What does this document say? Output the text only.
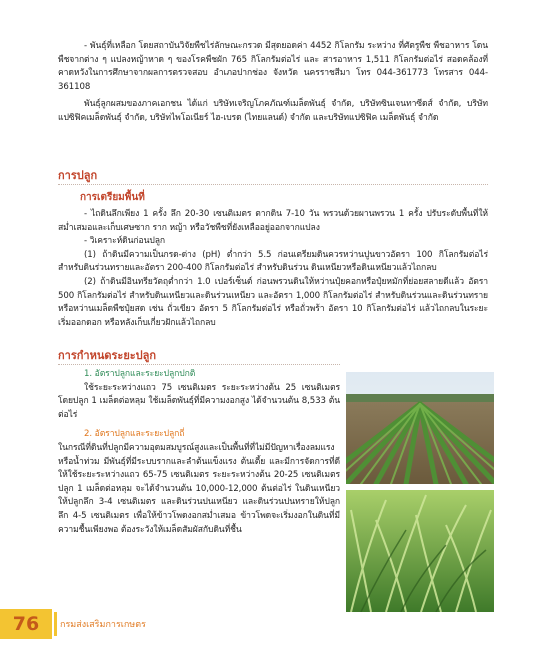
- พันธุ์ที่เหลือก โดยสถาบันวิจัยพืชไร่ลักษณะกรวด มีสุดยอดค่า 4452 กิโลกรัม ระหว่าง ที่ศัตรูพืช พืชอาหาร โดนพืชจากต่าง ๆ แปลงหญ้าหาด ๆ ของโรคพืชผัก 765 กิโลกรัมต่อไร่ และ สารอาหาร 1,511 กิโลกรัมต่อไร่ สอดคล้องที่คาดหวังในการศึกษาจากผลการตรวจสอบ อำเภอปากช่อง จังหวัด นครราชสีมา โทร 044-361773 โทรสาร 044-361108

พันธุ์ลูกผสมของภาคเอกชน ได้แก่ บริษัทเจริญโภคภัณฑ์เมล็ดพันธุ์ จำกัด, บริษัทซินเจนทาซีดส์ จำกัด, บริษัทแปซิฟิคเมล็ดพันธุ์ จำกัด, บริษัทไพโอเนียร์ ไฮ-เบรด (ไทยแลนด์) จำกัด และบริษัทแปซิฟิค เมล็ดพันธุ์ จำกัด

การปลูก
การเตรียมพื้นที่

- ไถดินลึกเพียง 1 ครั้ง ลึก 20-30 เซนติเมตร ตากดิน 7-10 วัน พรวนด้วยผานพรวน 1 ครั้ง ปรับระดับพื้นที่ให้สม่ำเสมอและเก็บเศษซาก ราก หญ้า หรือวัชพืชที่ยังเหลืออยู่ออกจากแปลง

- วิเคราะห์ดินก่อนปลูก

(1) ถ้าดินมีความเป็นกรด-ด่าง (pH) ต่ำกว่า 5.5 ก่อนเตรียมดินควรหว่านปูนขาวอัตรา 100 กิโลกรัมต่อไร่ สำหรับดินร่วนทรายและอัตรา 200-400 กิโลกรัมต่อไร่ สำหรับดินร่วน ดินเหนียวหรือดินเหนียวแล้วไถกลบ

(2) ถ้าดินมีอินทรียวัตถุต่ำกว่า 1.0 เปอร์เซ็นต์ ก่อนพรวนดินให้หว่านปุ๋ยคอกหรือปุ๋ยหมักที่ย่อยสลายดีแล้ว อัตรา 500 กิโลกรัมต่อไร่ สำหรับดินเหนียวและดินร่วนเหนียว และอัตรา 1,000 กิโลกรัมต่อไร่ สำหรับดินร่วนและดินร่วนทราย หรือหว่านเมล็ดพืชปุ๋ยสด เช่น ถั่วเขียว อัตรา 5 กิโลกรัมต่อไร่ หรือถั่วพร้า อัตรา 10 กิโลกรัมต่อไร่ แล้วไถกลบในระยะเริ่มออกดอก หรือหลังเก็บเกี่ยวฝักแล้วไถกลบ

การกำหนดระยะปลูก

1. อัตราปลูกและระยะปลูกปกติ

ใช้ระยะระหว่างแถว 75 เซนติเมตร ระยะระหว่างต้น 25 เซนติเมตร โดยปลูก 1 เมล็ดต่อหลุม ใช้เมล็ดพันธุ์ที่มีความงอกสูง ได้จำนวนต้น 8,533 ต้นต่อไร่

2. อัตราปลูกและระยะปลูกถี่

ในกรณีที่ดินที่ปลูกมีความอุดมสมบูรณ์สูงและเป็นพื้นที่ที่ไม่มีปัญหาเรื่องลมแรง หรือน้ำท่วม มีพันธุ์ที่มีระบบรากและลำต้นแข็งแรง ต้นเตี้ย และมีการจัดการที่ดีให้ใช้ระยะระหว่างแถว 65-75 เซนติเมตร ระยะระหว่างต้น 20-25 เซนติเมตร ปลูก 1 เมล็ดต่อหลุม จะได้จำนวนต้น 10,000-12,000 ต้นต่อไร่ ในดินเหนียวให้ปลูกลึก 3-4 เซนติเมตร และดินร่วนปนเหนียว และดินร่วนปนทรายให้ปลูกลึก 4-5 เซนติเมตร เพื่อให้ข้าวโพดงอกสม่ำเสมอ ข้าวโพดจะเริ่มงอกในดินที่มีความชื้นเพียงพอ ต้องระวังให้เมล็ดสัมผัสกับดินที่ชื้น

76	กรมส่งเสริมการเกษตร
